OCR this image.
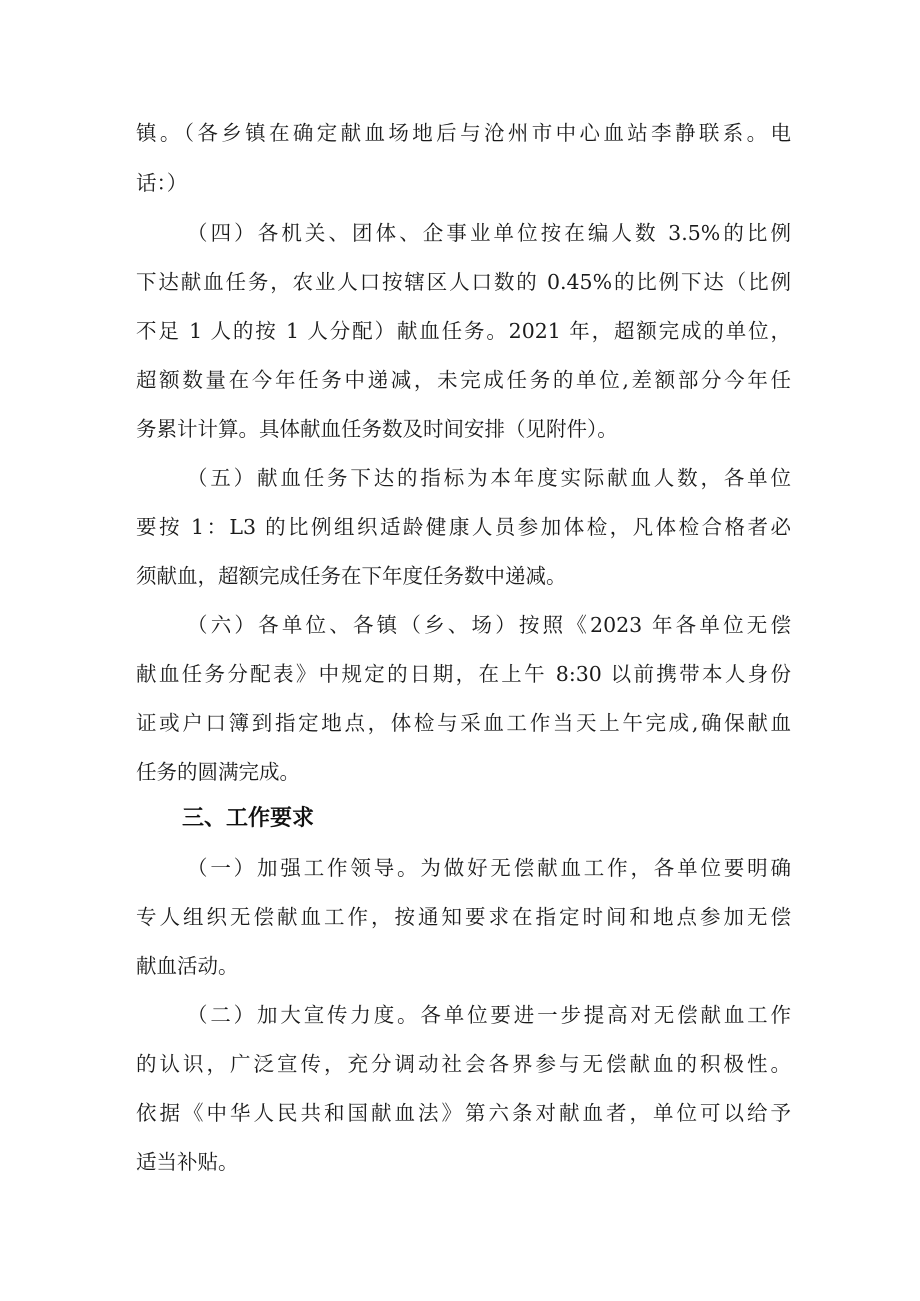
镇。（各乡镇在确定献血场地后与沧州市中心血站李静联系。电
话：）
（四）各机关、团体、企事业单位按在编人数 3.5%的比例
下达献血任务，农业人口按辖区人口数的 0.45%的比例下达（比例
不足 1 人的按 1 人分配）献血任务。2021 年，超额完成的单位，
超额数量在今年任务中递减，未完成任务的单位,差额部分今年任
务累计计算。具体献血任务数及时间安排（见附件）。
（五）献血任务下达的指标为本年度实际献血人数，各单位
要按 1：L3 的比例组织适龄健康人员参加体检，凡体检合格者必
须献血，超额完成任务在下年度任务数中递减。
（六）各单位、各镇（乡、场）按照《2023 年各单位无偿
献血任务分配表》中规定的日期，在上午 8:30 以前携带本人身份
证或户口簿到指定地点，体检与采血工作当天上午完成,确保献血
任务的圆满完成。
三、工作要求
（一）加强工作领导。为做好无偿献血工作，各单位要明确
专人组织无偿献血工作，按通知要求在指定时间和地点参加无偿
献血活动。
（二）加大宣传力度。各单位要进一步提高对无偿献血工作
的认识，广泛宣传，充分调动社会各界参与无偿献血的积极性。
依据《中华人民共和国献血法》第六条对献血者，单位可以给予
适当补贴。
